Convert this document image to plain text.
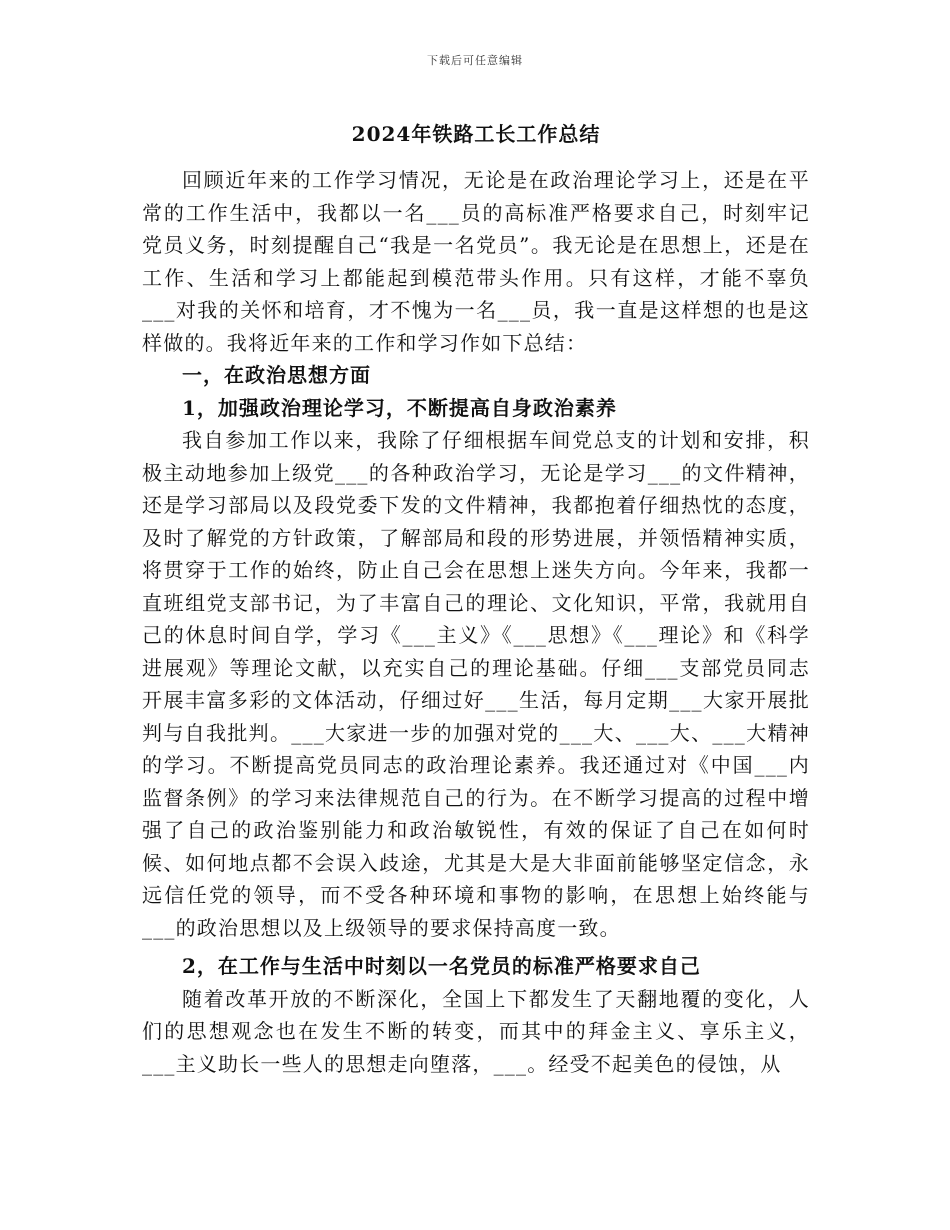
下载后可任意编辑
2024年铁路工长工作总结

回顾近年来的工作学习情况，无论是在政治理论学习上，还是在平常的工作生活中，我都以一名___员的高标准严格要求自己，时刻牢记党员义务，时刻提醒自己“我是一名党员”。我无论是在思想上，还是在工作、生活和学习上都能起到模范带头作用。只有这样，才能不辜负___对我的关怀和培育，才不愧为一名___员，我一直是这样想的也是这样做的。我将近年来的工作和学习作如下总结：

一，在政治思想方面

1，加强政治理论学习，不断提高自身政治素养

我自参加工作以来，我除了仔细根据车间党总支的计划和安排，积极主动地参加上级党___的各种政治学习，无论是学习___的文件精神，还是学习部局以及段党委下发的文件精神，我都抱着仔细热忱的态度，及时了解党的方针政策，了解部局和段的形势进展，并领悟精神实质，将贯穿于工作的始终，防止自己会在思想上迷失方向。今年来，我都一直班组党支部书记，为了丰富自己的理论、文化知识，平常，我就用自己的休息时间自学，学习《___主义》《___思想》《___理论》和《科学进展观》等理论文献，以充实自己的理论基础。仔细___支部党员同志开展丰富多彩的文体活动，仔细过好___生活，每月定期___大家开展批判与自我批判。___大家进一步的加强对党的___大、___大、___大精神的学习。不断提高党员同志的政治理论素养。我还通过对《中国___内监督条例》的学习来法律规范自己的行为。在不断学习提高的过程中增强了自己的政治鉴别能力和政治敏锐性，有效的保证了自己在如何时候、如何地点都不会误入歧途，尤其是大是大非面前能够坚定信念，永远信任党的领导，而不受各种环境和事物的影响，在思想上始终能与___的政治思想以及上级领导的要求保持高度一致。

2，在工作与生活中时刻以一名党员的标准严格要求自己

随着改革开放的不断深化，全国上下都发生了天翻地覆的变化，人们的思想观念也在发生不断的转变，而其中的拜金主义、享乐主义，___主义助长一些人的思想走向堕落，___。经受不起美色的侵蚀，从
